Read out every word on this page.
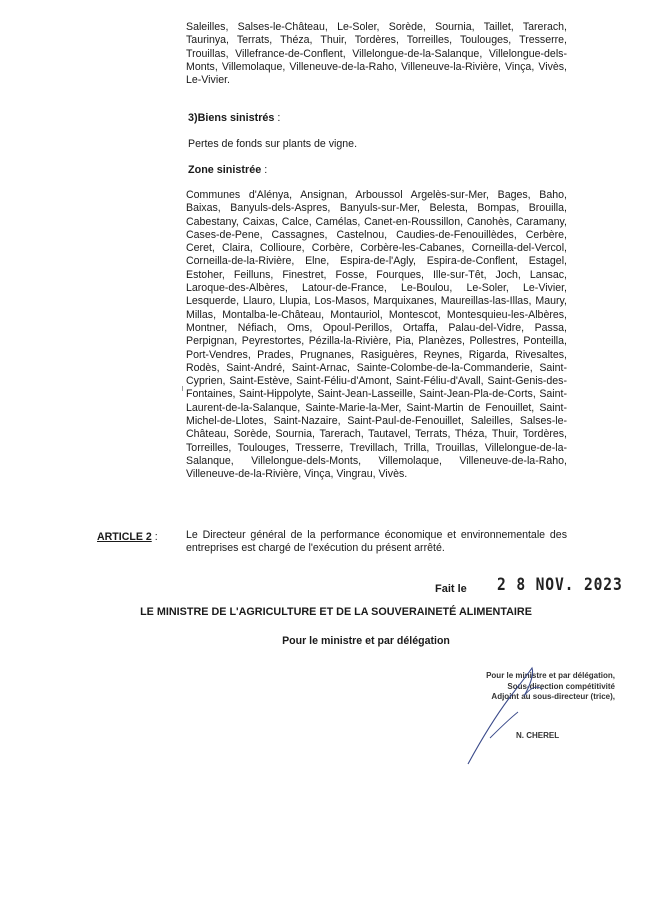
Saleilles, Salses-le-Château, Le-Soler, Sorède, Sournia, Taillet, Tarerach, Taurinya, Terrats, Théza, Thuir, Tordères, Torreilles, Toulouges, Tresserre, Trouillas, Villefrance-de-Conflent, Villelongue-de-la-Salanque, Villelongue-dels-Monts, Villemolaque, Villeneuve-de-la-Raho, Villeneuve-la-Rivière, Vinça, Vivès, Le-Vivier.
3)Biens sinistrés :
Pertes de fonds sur plants de vigne.
Zone sinistrée :
Communes d'Alénya, Ansignan, Arboussol Argelès-sur-Mer, Bages, Baho, Baixas, Banyuls-dels-Aspres, Banyuls-sur-Mer, Belesta, Bompas, Brouilla, Cabestany, Caixas, Calce, Camélas, Canet-en-Roussillon, Canohès, Caramany, Cases-de-Pene, Cassagnes, Castelnou, Caudies-de-Fenouillèdes, Cerbère, Ceret, Claira, Collioure, Corbère, Corbère-les-Cabanes, Corneilla-del-Vercol, Corneilla-de-la-Rivière, Elne, Espira-de-l'Agly, Espira-de-Conflent, Estagel, Estoher, Feilluns, Finestret, Fosse, Fourques, Ille-sur-Têt, Joch, Lansac, Laroque-des-Albères, Latour-de-France, Le-Boulou, Le-Soler, Le-Vivier, Lesquerde, Llauro, Llupia, Los-Masos, Marquixanes, Maureillas-las-Illas, Maury, Millas, Montalba-le-Château, Montauriol, Montescot, Montesquieu-les-Albères, Montner, Néfiach, Oms, Opoul-Perillos, Ortaffa, Palau-del-Vidre, Passa, Perpignan, Peyrestortes, Pézilla-la-Rivière, Pia, Planèzes, Pollestres, Ponteilla, Port-Vendres, Prades, Prugnanes, Rasiguères, Reynes, Rigarda, Rivesaltes, Rodès, Saint-André, Saint-Arnac, Sainte-Colombe-de-la-Commanderie, Saint-Cyprien, Saint-Estève, Saint-Féliu-d'Amont, Saint-Féliu-d'Avall, Saint-Genis-des-Fontaines, Saint-Hippolyte, Saint-Jean-Lasseille, Saint-Jean-Pla-de-Corts, Saint-Laurent-de-la-Salanque, Sainte-Marie-la-Mer, Saint-Martin de Fenouillet, Saint-Michel-de-Llotes, Saint-Nazaire, Saint-Paul-de-Fenouillet, Saleilles, Salses-le-Château, Sorède, Sournia, Tarerach, Tautavel, Terrats, Théza, Thuir, Tordères, Torreilles, Toulouges, Tresserre, Trevillach, Trilla, Trouillas, Villelongue-de-la-Salanque, Villelongue-dels-Monts, Villemolaque, Villeneuve-de-la-Raho, Villeneuve-de-la-Rivière, Vinça, Vingrau, Vivès.
ARTICLE 2 :	Le Directeur général de la performance économique et environnementale des entreprises est chargé de l'exécution du présent arrêté.
Fait le 2 8 NOV. 2023
LE MINISTRE DE L'AGRICULTURE ET DE LA SOUVERAINETÉ ALIMENTAIRE
Pour le ministre et par délégation
Pour le ministre et par délégation,
Sous-direction compétitivité
Adjoint au sous-directeur (trice),
N. CHEREL
